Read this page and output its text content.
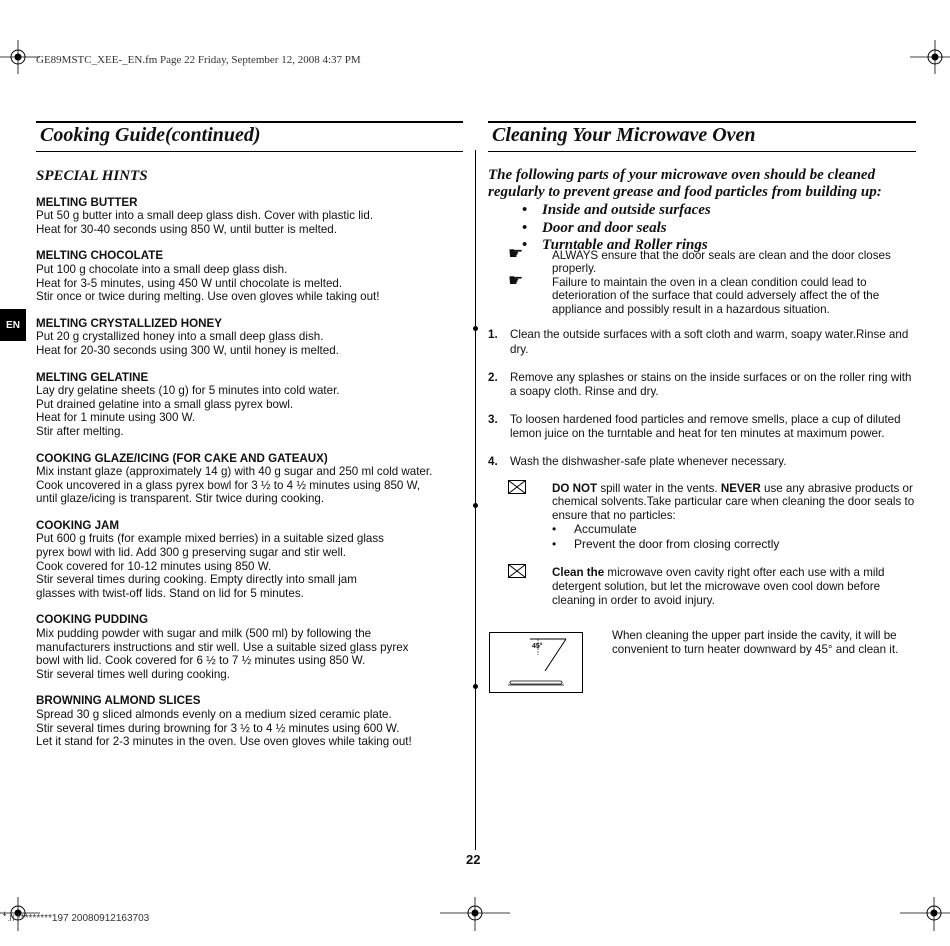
GE89MSTC_XEE-_EN.fm Page 22 Friday, September 12, 2008 4:37 PM
Cooking Guide(continued)	Cleaning Your Microwave Oven
EN
SPECIAL HINTS
MELTING BUTTER

Put 50 g butter into a small deep glass dish. Cover with plastic lid.

Heat for 30-40 seconds using 850 W, until butter is melted.

MELTING CHOCOLATE

Put 100 g chocolate into a small deep glass dish.

Heat for 3-5 minutes, using 450 W until chocolate is melted.

Stir once or twice during melting. Use oven gloves while taking out!

MELTING CRYSTALLIZED HONEY

Put 20 g crystallized honey into a small deep glass dish.

Heat for 20-30 seconds using 300 W, until honey is melted.

MELTING GELATINE

Lay dry gelatine sheets (10 g) for 5 minutes into cold water.

Put drained gelatine into a small glass pyrex bowl.

Heat for 1 minute using 300 W.

Stir after melting.

COOKING GLAZE/ICING (FOR CAKE AND GATEAUX)

Mix instant glaze (approximately 14 g) with 40 g sugar and 250 ml cold water.

Cook uncovered in a glass pyrex bowl for 3 ½ to 4 ½ minutes using 850 W,

until glaze/icing is transparent. Stir twice during cooking.

COOKING JAM

Put 600 g fruits (for example mixed berries) in a suitable sized glass

pyrex bowl with lid. Add 300 g preserving sugar and stir well.

Cook covered for 10-12 minutes using 850 W.

Stir several times during cooking. Empty directly into small jam

glasses with twist-off lids. Stand on lid for 5 minutes.

COOKING PUDDING

Mix pudding powder with sugar and milk (500 ml) by following the

manufacturers instructions and stir well. Use a suitable sized glass pyrex

bowl with lid. Cook covered for 6 ½ to 7 ½ minutes using 850 W.

Stir several times well during cooking.

BROWNING ALMOND SLICES

Spread 30 g sliced almonds evenly on a medium sized ceramic plate.

Stir several times during browning for 3 ½ to 4 ½ minutes using 600 W.

Let it stand for 2-3 minutes in the oven. Use oven gloves while taking out!

The following parts of your microwave oven should be cleaned regularly to prevent grease and food particles from building up:
• Inside and outside surfaces
• Door and door seals
• Turntable and Roller rings
☛ ALWAYS ensure that the door seals are clean and the door closes properly.
☛ Failure to maintain the oven in a clean condition could lead to deterioration of the surface that could adversely affect the of the appliance and possibly result in a hazardous situation.
1. Clean the outside surfaces with a soft cloth and warm, soapy water.Rinse and dry.
2. Remove any splashes or stains on the inside surfaces or on the roller ring with a soapy cloth. Rinse and dry.
3. To loosen hardened food particles and remove smells, place a cup of diluted lemon juice on the turntable and heat for ten minutes at maximum power.
4. Wash the dishwasher-safe plate whenever necessary.
DO NOT spill water in the vents. NEVER use any abrasive products or chemical solvents.Take particular care when cleaning the door seals to ensure that no particles:
• Accumulate
• Prevent the door from closing correctly
Clean the microwave oven cavity right ofter each use with a mild detergent solution, but let the microwave oven cool down before cleaning in order to avoid injury.
45°
When cleaning the upper part inside the cavity, it will be convenient to turn heater downward by 45° and clean it.
22
ꜜ꜌꜍*********197 20080912163703
